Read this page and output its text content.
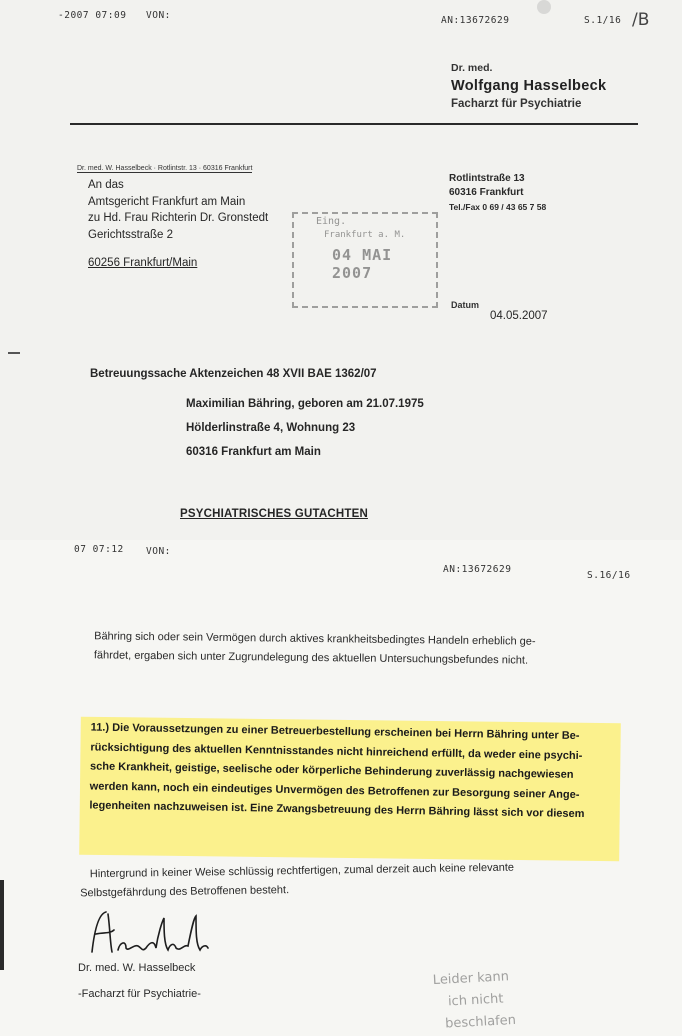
-2007 07:09 VON:	AN:13672629	S.1/16 /B
Dr. med.
Wolfgang Hasselbeck
Facharzt für Psychiatrie
Dr. med. W. Hasselbeck · Rotlintstr. 13 · 60316 Frankfurt
An das
Amtsgericht Frankfurt am Main
zu Hd. Frau Richterin Dr. Gronstedt
Gerichtsstraße 2
60256 Frankfurt/Main
Rotlintstraße 13
60316 Frankfurt
Tel./Fax 0 69 / 43 65 7 58
Eing.
Frankfurt a. M.
04 MAI 2007
Datum
04.05.2007
Betreuungssache Aktenzeichen 48 XVII BAE 1362/07
Maximilian Bähring, geboren am 21.07.1975
Hölderlinstraße 4, Wohnung 23
60316 Frankfurt am Main
PSYCHIATRISCHES GUTACHTEN
07 07:12 VON:
AN:13672629
S.16/16
Bähring sich oder sein Vermögen durch aktives krankheitsbedingtes Handeln erheblich ge-
fährdet, ergaben sich unter Zugrundelegung des aktuellen Untersuchungsbefundes nicht.
11.) Die Voraussetzungen zu einer Betreuerbestellung erscheinen bei Herrn Bähring unter Be-
rücksichtigung des aktuellen Kenntnisstandes nicht hinreichend erfüllt, da weder eine psychi-
sche Krankheit, geistige, seelische oder körperliche Behinderung zuverlässig nachgewiesen
werden kann, noch ein eindeutiges Unvermögen des Betroffenen zur Besorgung seiner Ange-
legenheiten nachzuweisen ist. Eine Zwangsbetreuung des Herrn Bähring lässt sich vor diesem
Hintergrund in keiner Weise schlüssig rechtfertigen, zumal derzeit auch keine relevante
Selbstgefährdung des Betroffenen besteht.
Dr. med. W. Hasselbeck
-Facharzt für Psychiatrie-
Leider kann
ich nicht
beschlafen
